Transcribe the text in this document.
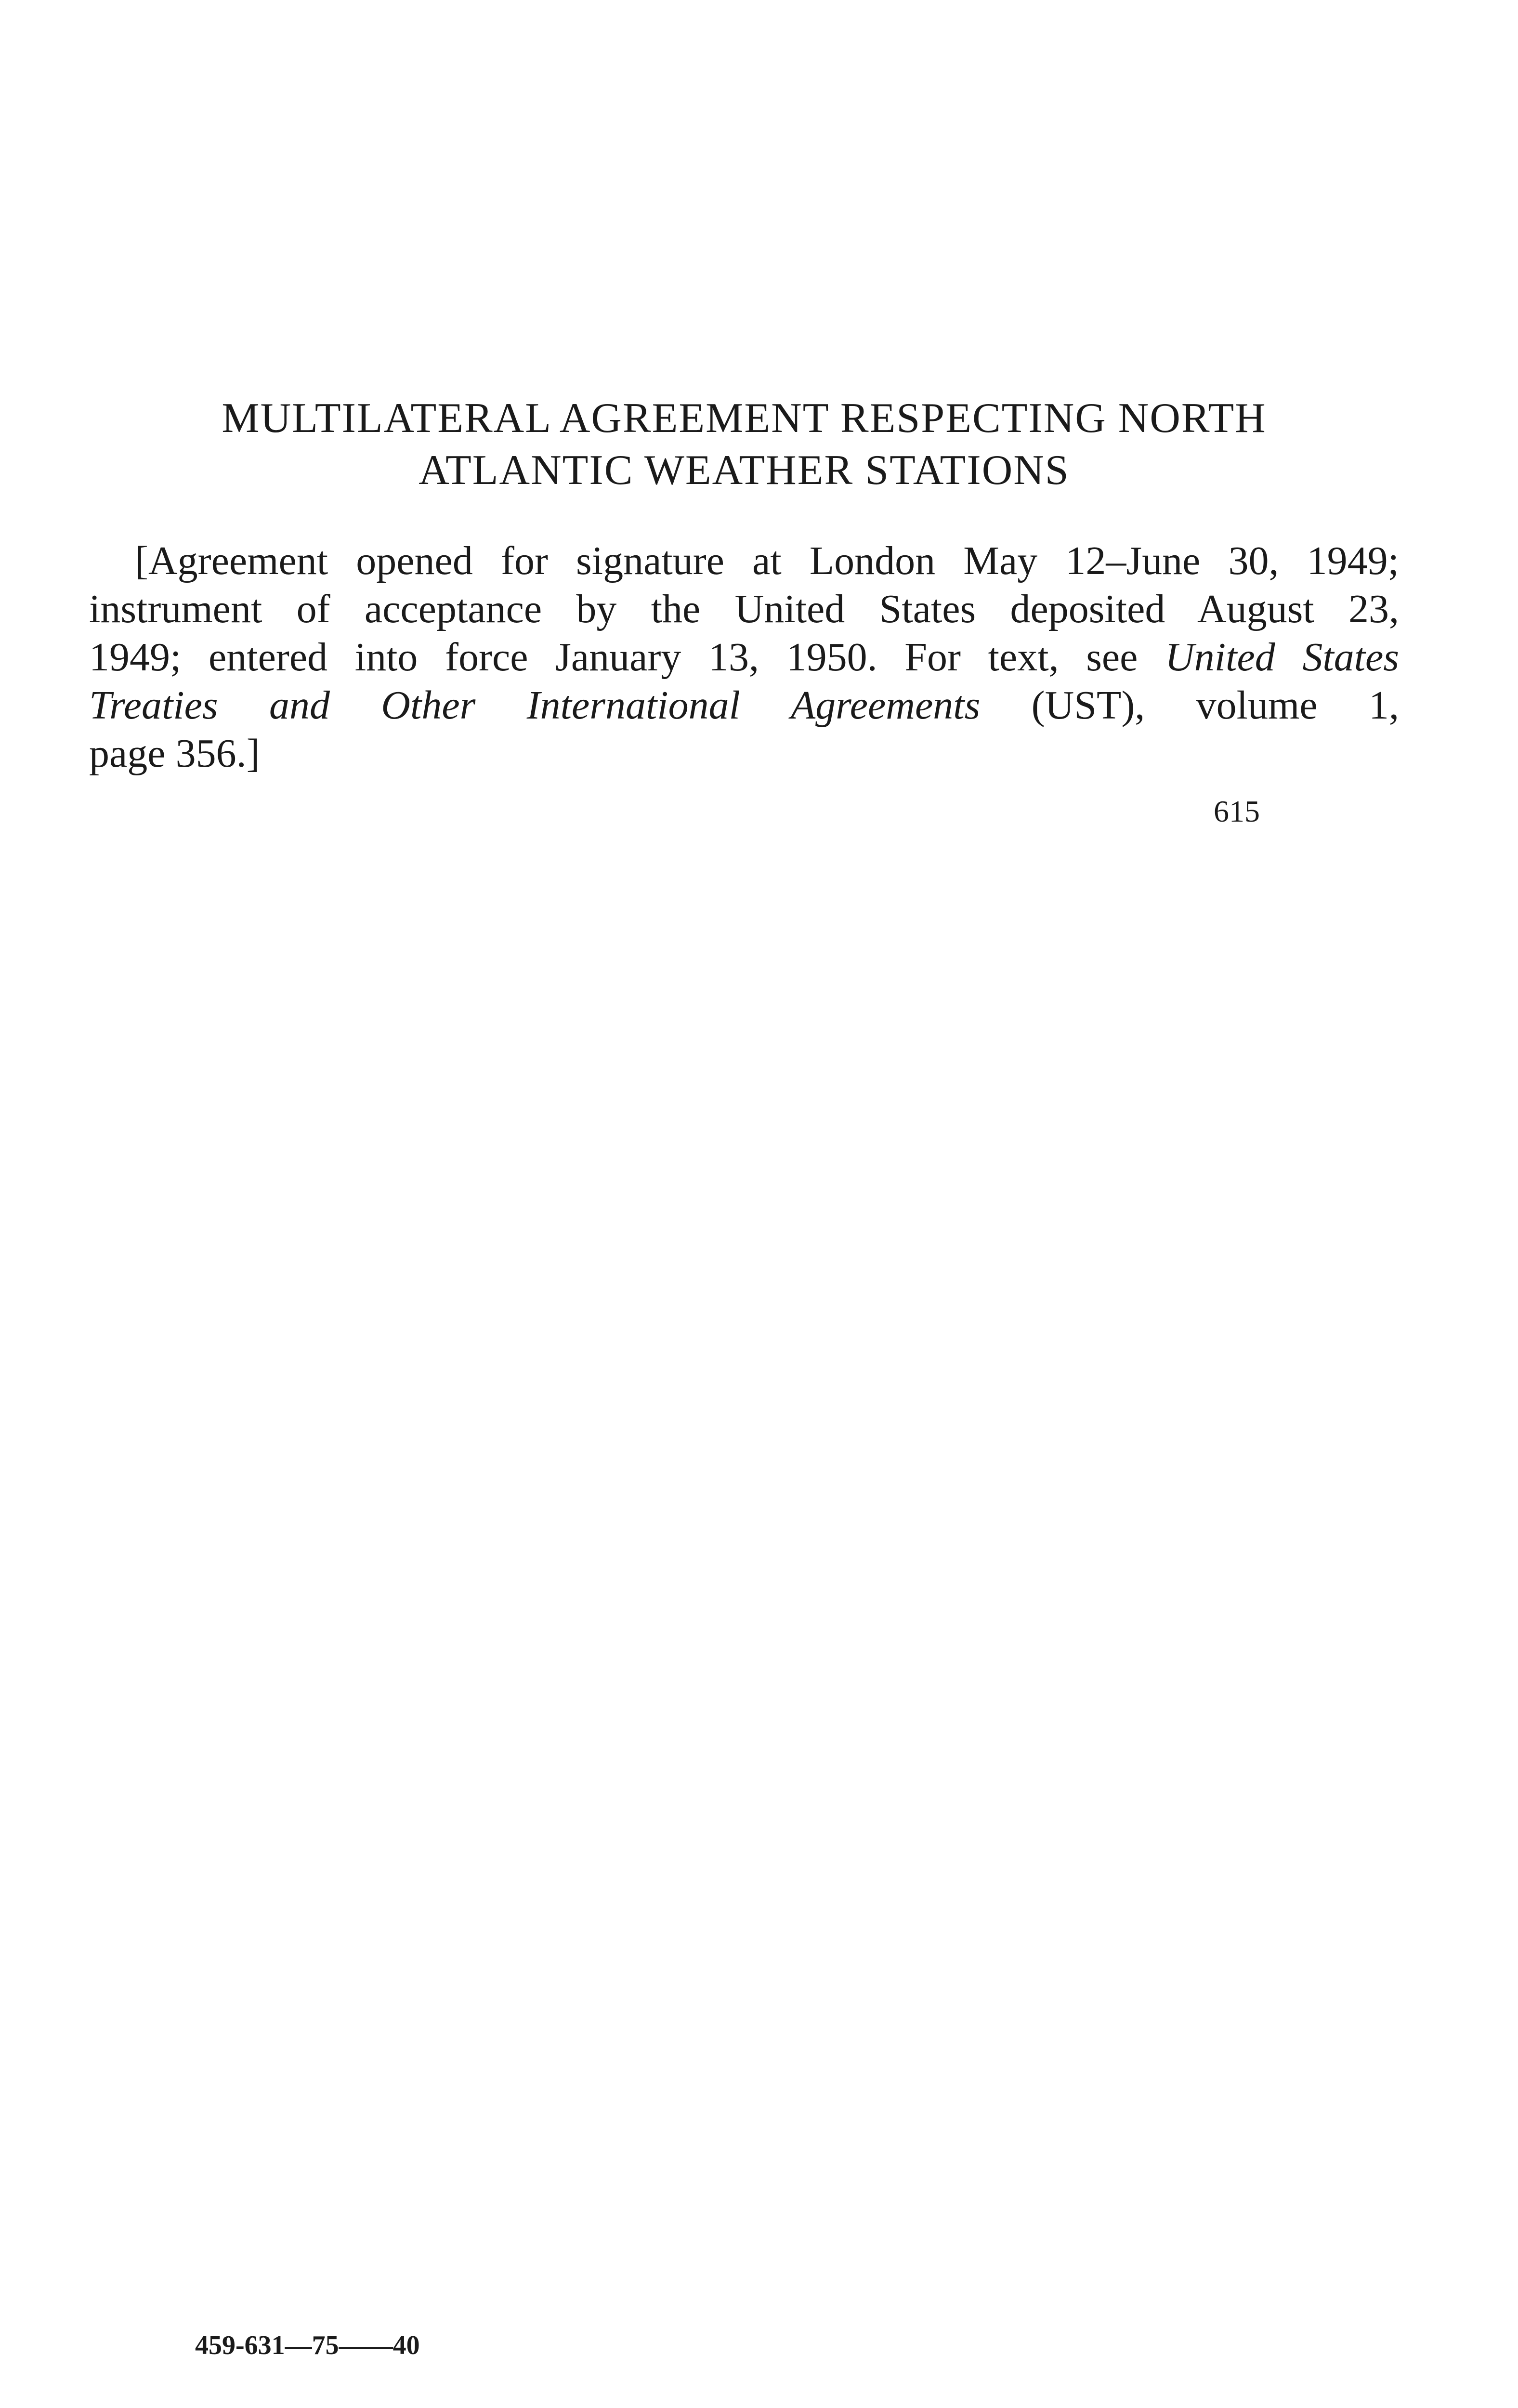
MULTILATERAL AGREEMENT RESPECTING NORTH
ATLANTIC WEATHER STATIONS

[Agreement opened for signature at London May 12–June 30, 1949;
instrument of acceptance by the United States deposited August 23,
1949; entered into force January 13, 1950. For text, see United States
Treaties and Other International Agreements (UST), volume 1,
page 356.]

615

459-631—75——40
